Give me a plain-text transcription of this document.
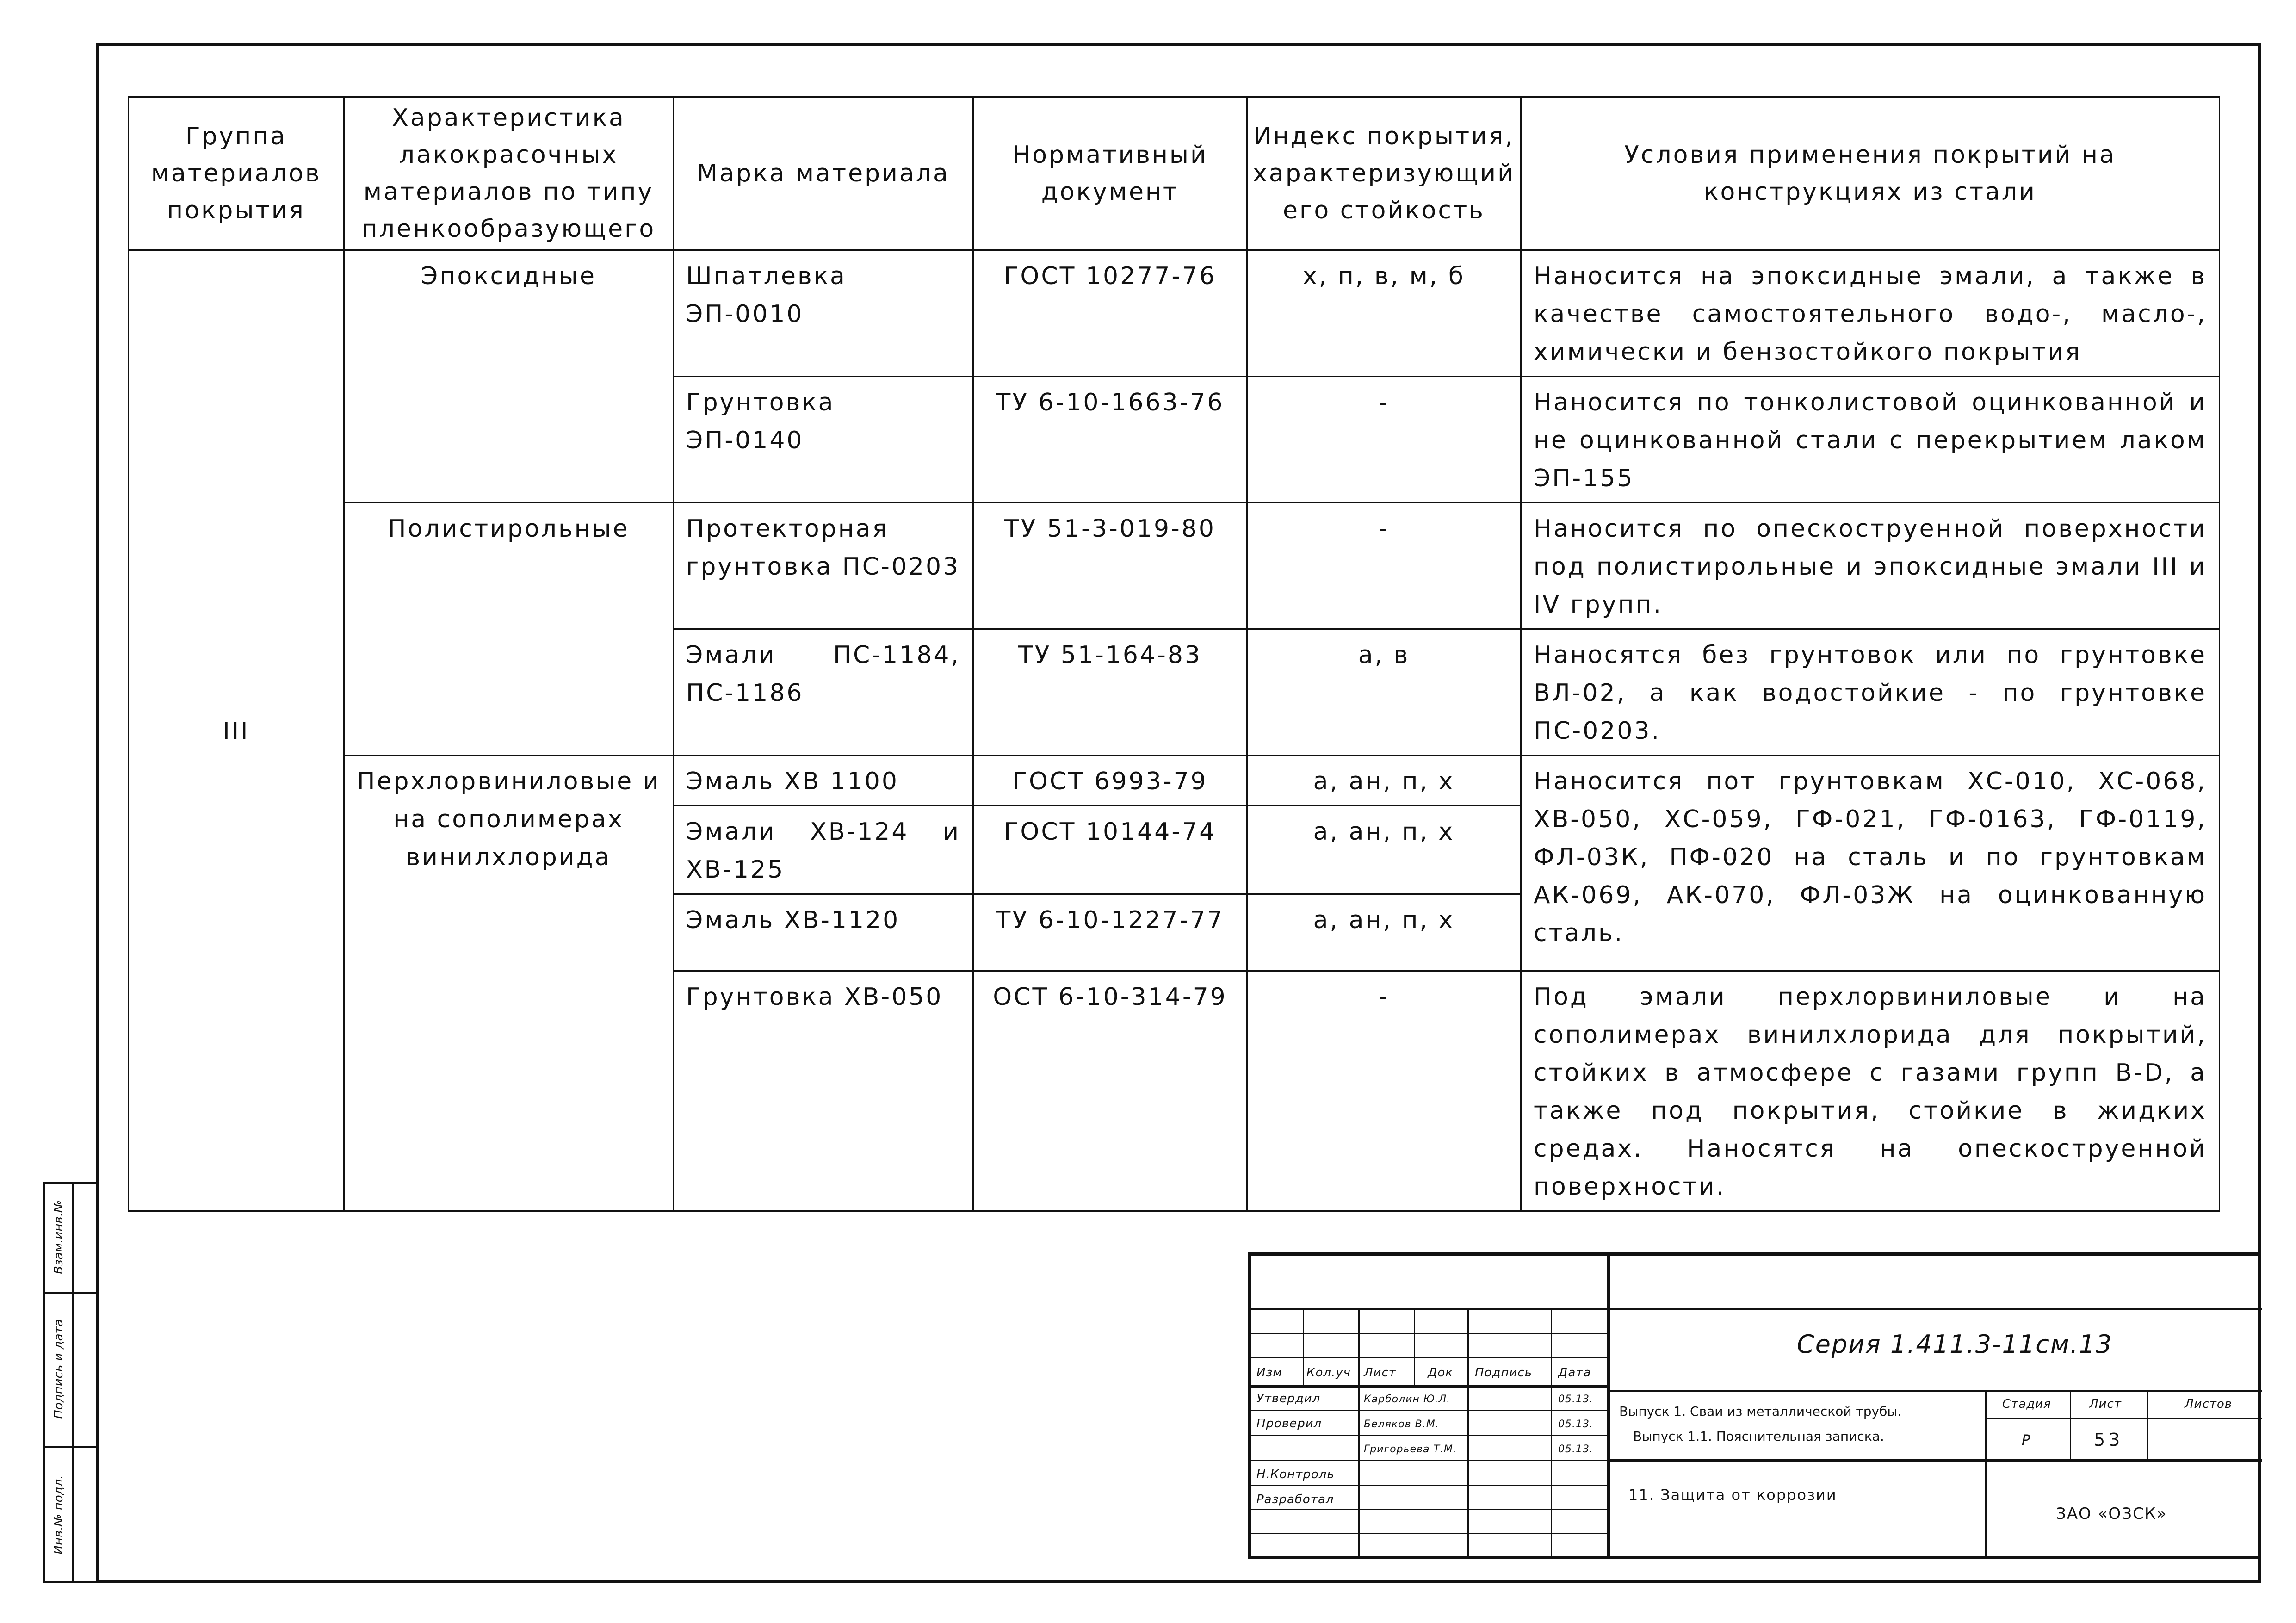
Взам.инв.№
Подпись и дата
Инв.№ подл.
Группа материалов покрытия	Характеристика лакокрасочных материалов по типу пленкообразующего	Марка материала	Нормативный документ	Индекс покрытия, характеризующий его стойкость	Условия применения покрытий на конструкциях из стали
III	Эпоксидные	Шпатлевка ЭП-0010	ГОСТ 10277-76	х, п, в, м, б	Наносится на эпоксидные эмали, а также в качестве самостоятельного водо-, масло-, химически и бензостойкого покрытия
		Грунтовка ЭП-0140	ТУ 6-10-1663-76	-	Наносится по тонколистовой оцинкованной и не оцинкованной стали с перекрытием лаком ЭП-155
	Полистирольные	Протекторная грунтовка ПС-0203	ТУ 51-3-019-80	-	Наносится по опескоструенной поверхности под полистирольные и эпоксидные эмали III и IV групп.
		Эмали ПС-1184, ПС-1186	ТУ 51-164-83	а, в	Наносятся без грунтовок или по грунтовке ВЛ-02, а как водостойкие - по грунтовке ПС-0203.
	Перхлорвиниловые и на сополимерах винилхлорида	Эмаль ХВ 1100	ГОСТ 6993-79	а, ан, п, х	Наносится пот грунтовкам ХС-010, ХС-068, ХВ-050, ХС-059, ГФ-021, ГФ-0163, ГФ-0119, ФЛ-03К, ПФ-020 на сталь и по грунтовкам АК-069, АК-070, ФЛ-03Ж на оцинкованную сталь.
		Эмали ХВ-124 и ХВ-125	ГОСТ 10144-74	а, ан, п, х	
		Эмаль ХВ-1120	ТУ 6-10-1227-77	а, ан, п, х	
		Грунтовка ХВ-050	ОСТ 6-10-314-79	-	Под эмали перхлорвиниловые и на сополимерах винилхлорида для покрытий, стойких в атмосфере с газами групп B-D, а также под покрытия, стойкие в жидких средах. Наносятся на опескоструенной поверхности.
Изм Кол.уч Лист	Док Подпись Дата
Утвердил	Карболин Ю.Л.	05.13.
Проверил	Беляков В.М.	05.13.
Григорьева Т.М.	05.13.
Н.Контроль
Разработал
Серия 1.411.3-11см.13
Выпуск 1. Сваи из металлической трубы.
Выпуск 1.1. Пояснительная записка.
11. Защита от коррозии
Стадия	Лист	Листов
Р	53
ЗАО «ОЗСК»
